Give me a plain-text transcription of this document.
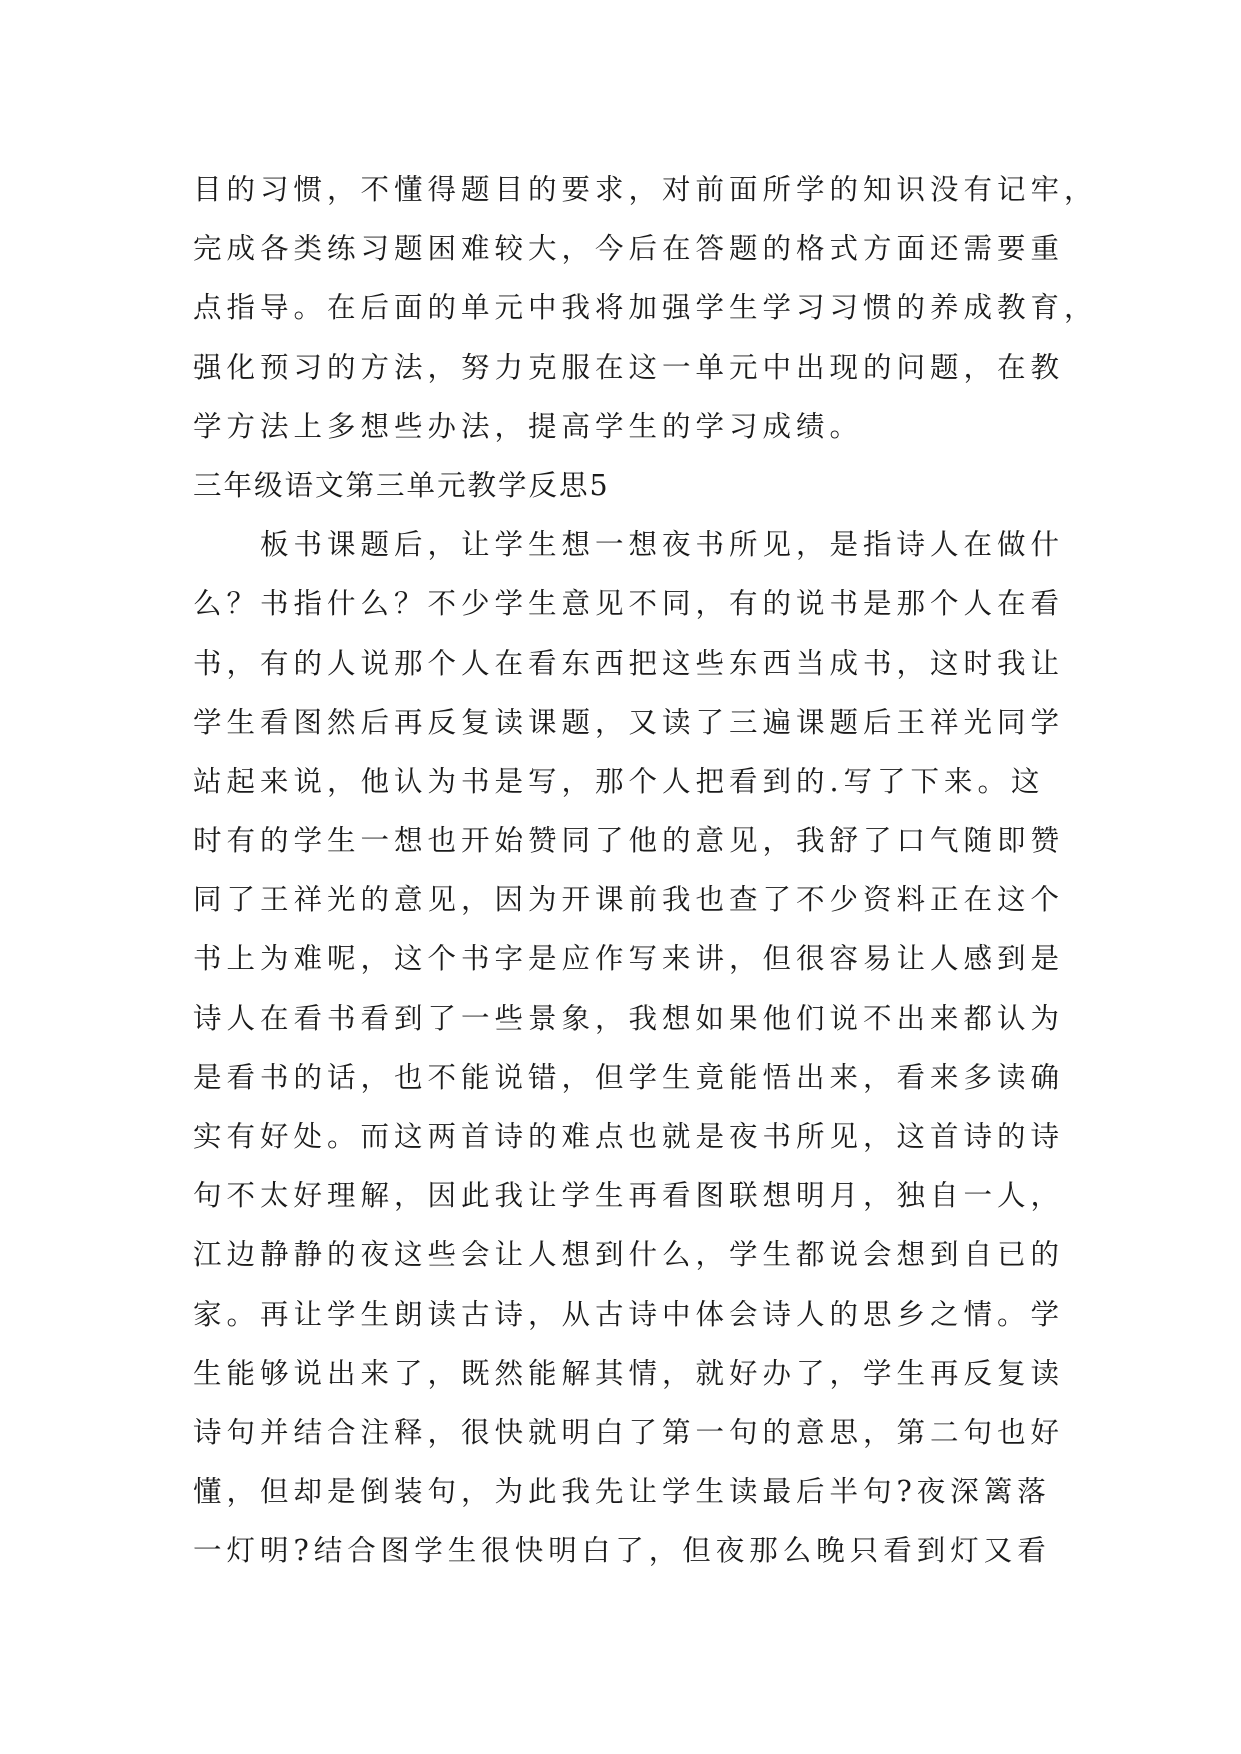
目的习惯，不懂得题目的要求，对前面所学的知识没有记牢，
完成各类练习题困难较大，今后在答题的格式方面还需要重
点指导。在后面的单元中我将加强学生学习习惯的养成教育，
强化预习的方法，努力克服在这一单元中出现的问题，在教
学方法上多想些办法，提高学生的学习成绩。
三年级语文第三单元教学反思5
板书课题后，让学生想一想夜书所见，是指诗人在做什
么？书指什么？不少学生意见不同，有的说书是那个人在看
书，有的人说那个人在看东西把这些东西当成书，这时我让
学生看图然后再反复读课题，又读了三遍课题后王祥光同学
站起来说，他认为书是写，那个人把看到的.写了下来。这
时有的学生一想也开始赞同了他的意见，我舒了口气随即赞
同了王祥光的意见，因为开课前我也查了不少资料正在这个
书上为难呢，这个书字是应作写来讲，但很容易让人感到是
诗人在看书看到了一些景象，我想如果他们说不出来都认为
是看书的话，也不能说错，但学生竟能悟出来，看来多读确
实有好处。而这两首诗的难点也就是夜书所见，这首诗的诗
句不太好理解，因此我让学生再看图联想明月，独自一人，
江边静静的夜这些会让人想到什么，学生都说会想到自已的
家。再让学生朗读古诗，从古诗中体会诗人的思乡之情。学
生能够说出来了，既然能解其情，就好办了，学生再反复读
诗句并结合注释，很快就明白了第一句的意思，第二句也好
懂，但却是倒装句，为此我先让学生读最后半句?夜深篱落
一灯明?结合图学生很快明白了，但夜那么晚只看到灯又看
